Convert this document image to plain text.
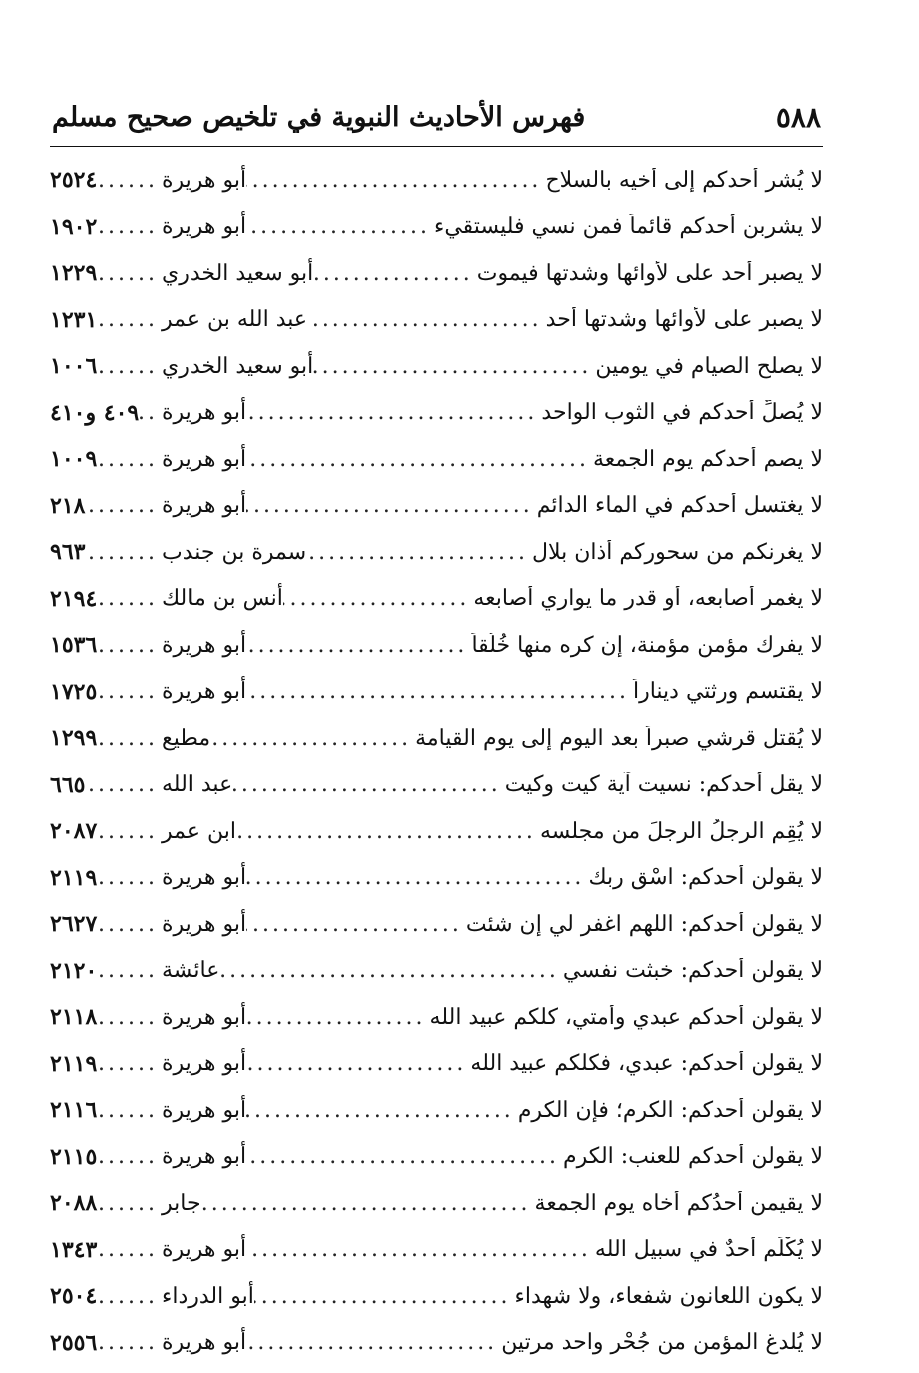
٥٨٨
فهرس الأحاديث النبوية في تلخيص صحيح مسلم
لا يُشر أحدكم إلى أخيه بالسلاح
.....
أبو هريرة
.....
٢٥٢٤
لا يشربن أحدكم قائماً فمن نسي فليستقيء
.....
أبو هريرة
.....
١٩٠٢
لا يصبر أحد على لأوائها وشدتها فيموت
.....
أبو سعيد الخدري
.....
١٢٢٩
لا يصبر على لأوائها وشدتها أحد
.....
عبد الله بن عمر
.....
١٢٣١
لا يصلح الصيام في يومين
.....
أبو سعيد الخدري
.....
١٠٠٦
لا يُصلِّ أحدكم في الثوب الواحد
.....
أبو هريرة
.....
٤٠٩ و٤١٠
لا يصم أحدكم يوم الجمعة
.....
أبو هريرة
.....
١٠٠٩
لا يغتسل أحدكم في الماء الدائم
.....
أبو هريرة
.....
٢١٨
لا يغرنكم من سحوركم أذان بلال
.....
سمرة بن جندب
.....
٩٦٣
لا يغمر أصابعه، أو قدر ما يواري أصابعه
.....
أنس بن مالك
.....
٢١٩٤
لا يفرك مؤمن مؤمنة، إن كره منها خُلُقاً
.....
أبو هريرة
.....
١٥٣٦
لا يقتسم ورثتي ديناراً
.....
أبو هريرة
.....
١٧٢٥
لا يُقتل قرشي صبراً بعد اليوم إلى يوم القيامة
.....
مطيع
.....
١٢٩٩
لا يقل أحدكم: نسيت آية كيت وكيت
.....
عبد الله
.....
٦٦٥
لا يُقِم الرجلُ الرجلَ من مجلسه
.....
ابن عمر
.....
٢٠٨٧
لا يقولن أحدكم: اسْقِ ربك
.....
أبو هريرة
.....
٢١١٩
لا يقولن أحدكم: اللهم اغفر لي إن شئت
.....
أبو هريرة
.....
٢٦٢٧
لا يقولن أحدكم: خبثت نفسي
.....
عائشة
.....
٢١٢٠
لا يقولن أحدكم عبدي وأمتي، كلكم عبيد الله
.....
أبو هريرة
.....
٢١١٨
لا يقولن أحدكم: عبدي، فكلكم عبيد الله
.....
أبو هريرة
.....
٢١١٩
لا يقولن أحدكم: الكرم؛ فإن الكرم
.....
أبو هريرة
.....
٢١١٦
لا يقولن أحدكم للعنب: الكرم
.....
أبو هريرة
.....
٢١١٥
لا يقيمن أحدُكم أخاه يوم الجمعة
.....
جابر
.....
٢٠٨٨
لا يُكْلَم أحدٌ في سبيل الله
.....
أبو هريرة
.....
١٣٤٣
لا يكون اللعانون شفعاء، ولا شهداء
.....
أبو الدرداء
.....
٢٥٠٤
لا يُلدغ المؤمن من جُحْر واحد مرتين
.....
أبو هريرة
.....
٢٥٥٦
